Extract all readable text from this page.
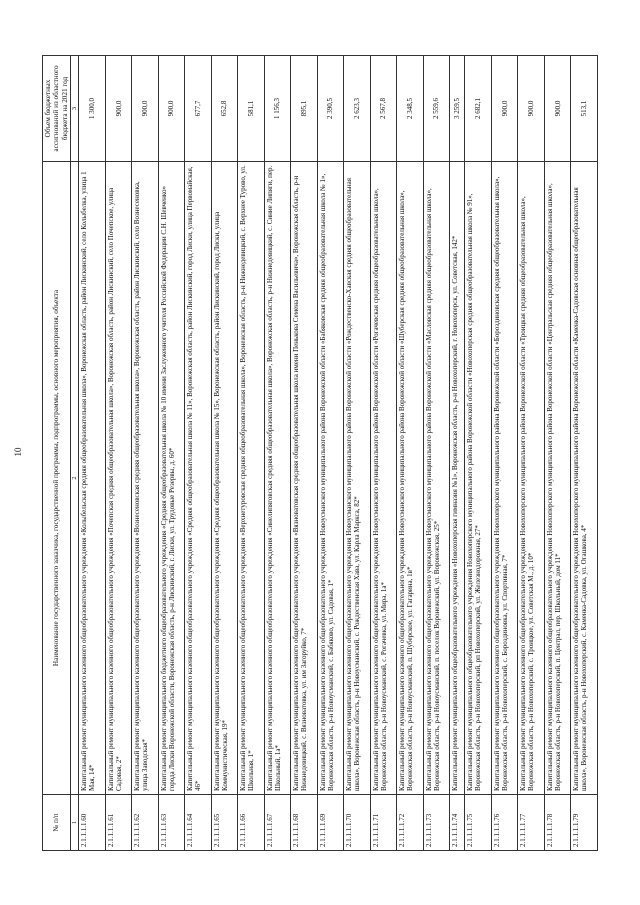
10
№ п/п	Наименование государственного заказчика, государственной программы, подпрограммы, основного мероприятия, объекта	Объем бюджетных ассигнований из областного бюджета на 2021 год
1	2	3
2.1.1.1.1.60	Капитальный ремонт муниципального казенного общеобразовательного учреждения «Колыбельская средняя общеобразовательная школа», Воронежская область, район Лискинский, село Колыбелка, улица 1 Мая, 14*	1 300,0
2.1.1.1.1.61	Капитальный ремонт муниципального казенного общеобразовательного учреждения «Почепская средняя общеобразовательная школа», Воронежская область, район Лискинский, село Почепское, улица Садовая, 2*	900,0
2.1.1.1.1.62	Капитальный ремонт муниципального казенного общеобразовательного учреждения «Вознесеновская средняя общеобразовательная школа», Воронежская область, район Лискинский, село Вознесеновка, улица Заводская*	900,0
2.1.1.1.1.63	Капитальный ремонт муниципального бюджетного общеобразовательного учреждения «Средняя общеобразовательная школа № 10 имени Заслуженного учителя Российской Федерации С.Н. Шевченко» города Лиски Воронежской области, Воронежская область, р-н Лискинский, г. Лиски, ул. Трудовые Резервы, д. 60*	900,0
2.1.1.1.1.64	Капитальный ремонт муниципального казенного общеобразовательного учреждения «Средняя общеобразовательная школа № 11», Воронежская область, район Лискинский, город Лиски, улица Первомайская, 46*	677,7
2.1.1.1.1.65	Капитальный ремонт муниципального казенного общеобразовательного учреждения «Средняя общеобразовательная школа № 15», Воронежская область, район Лискинский, город Лиски, улица Коммунистическая, 19*	652,8
2.1.1.1.1.66	Капитальный ремонт муниципального казенного общеобразовательного учреждения «Верхнетуровская средняя общеобразовательная школа», Воронежская область, р-н Нижнедевицкий, с. Верхнее Турово, ул. Школьная, 1*	581,1
2.1.1.1.1.67	Капитальный ремонт муниципального казенного общеобразовательного учреждения «Синелипяговская средняя общеобразовательная школа», Воронежская область, р-н Нижнедевицкий, с. Синие Липяги, пер. Школьный, 1а*	1 156,3
2.1.1.1.1.68	Капитальный ремонт муниципального казенного общеобразовательного учреждения «Вязноватовская средняя общеобразовательная школа имени Пенькова Семена Васильевича», Воронежская область, р-н Нижнедевицкий, с. Вязноватовка, ул. им Загоруйко, 7*	895,1
2.1.1.1.1.69	Капитальный ремонт муниципального казенного общеобразовательного учреждения Новоусманского муниципального района Воронежской области «Бабяковская средняя общеобразовательная школа № 1», Воронежская область, р-н Новоусманский, с. Бабяково, ул. Садовая, 1*	2 390,5
2.1.1.1.1.70	Капитальный ремонт муниципального казенного общеобразовательного учреждения Новоусманского муниципального района Воронежской области «Рождественско-Хавская средняя общеобразовательная школа», Воронежская область, р-н Новоусманский, с. Рождественская Хава, ул. Карла Маркса, 82*	2 623,3
2.1.1.1.1.71	Капитальный ремонт муниципального казенного общеобразовательного учреждения Новоусманского муниципального района Воронежской области «Рогачевская средняя общеобразовательная школа», Воронежская область, р-н Новоусманский, с. Рогачевка, ул. Мира, 1а*	2 567,8
2.1.1.1.1.72	Капитальный ремонт муниципального казенного общеобразовательного учреждения Новоусманского муниципального района Воронежской области «Шуберская средняя общеобразовательная школа», Воронежская область, р-н Новоусманский, п. Шуберское, ул. Гагарина, 1в*	2 348,5
2.1.1.1.1.73	Капитальный ремонт муниципального казенного общеобразовательного учреждения Новоусманского муниципального района Воронежской области «Масловская средняя общеобразовательная школа», Воронежская область, р-н Новоусманский, п. поселок Воронежский, ул. Воронежская, 25*	2 559,6
2.1.1.1.1.74	Капитальный ремонт муниципального общеобразовательного учреждения «Новохоперская гимназия №1», Воронежская область, р-н Новохоперский, г. Новохоперск, ул. Советская, 142*	3 259,5
2.1.1.1.1.75	Капитальный ремонт муниципального общеобразовательного учреждения Новохоперского муниципального района Воронежской области «Новохоперская средняя общеобразовательная школа № 91», Воронежская область, р-н Новохоперский, рп Новохоперский, ул. Железнодорожная, 27*	2 682,1
2.1.1.1.1.76	Капитальный ремонт муниципального казенного общеобразовательного учреждения Новохоперского муниципального района Воронежской области «Бороздиновская средняя общеобразовательная школа», Воронежская область, р-н Новохоперский, с. Бороздиновка, ул. Спортивная, 7*	900,0
2.1.1.1.1.77	Капитальный ремонт муниципального казенного общеобразовательного учреждения Новохоперского муниципального района Воронежской области «Троицкая средняя общеобразовательная школа», Воронежская область, р-н Новохоперский, с. Троицкое, ул. Советская М., д. 10*	900,0
2.1.1.1.1.78	Капитальный ремонт муниципального казенного общеобразовательного учреждения Новохоперского муниципального района Воронежской области «Центральская средняя общеобразовательная школа», Воронежская область, р-н Новохоперский, п. Централ, пер. Школьный, дом 11*	900,0
2.1.1.1.1.79	Капитальный ремонт муниципального казенного общеобразовательного учреждения Новохоперского муниципального района Воронежской области «Каменка-Садовская основная общеобразовательная школа», Воронежская область, р-н Новохоперский, с. Каменка-Садовка, ул. Огашкова, 4*	513,1
